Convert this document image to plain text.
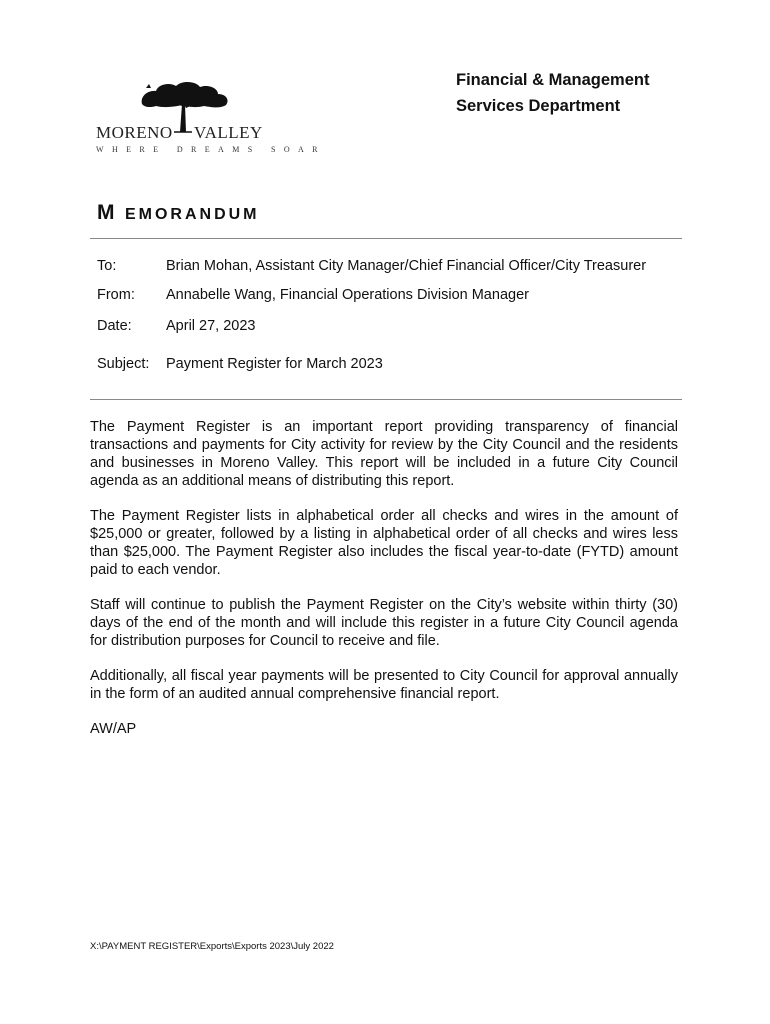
MORENO VALLEY
WHERE DREAMS SOAR
Financial & Management
Services Department
M EMORANDUM
To:	Brian Mohan, Assistant City Manager/Chief Financial Officer/City Treasurer
From: Annabelle Wang, Financial Operations Division Manager
Date: April 27, 2023
Subject: Payment Register for March 2023

The Payment Register is an important report providing transparency of financial transactions and payments for City activity for review by the City Council and the residents and businesses in Moreno Valley. This report will be included in a future City Council agenda as an additional means of distributing this report.

The Payment Register lists in alphabetical order all checks and wires in the amount of $25,000 or greater, followed by a listing in alphabetical order of all checks and wires less than $25,000. The Payment Register also includes the fiscal year-to-date (FYTD) amount paid to each vendor.

Staff will continue to publish the Payment Register on the City’s website within thirty (30) days of the end of the month and will include this register in a future City Council agenda for distribution purposes for Council to receive and file.

Additionally, all fiscal year payments will be presented to City Council for approval annually in the form of an audited annual comprehensive financial report.

AW/AP

X:\PAYMENT REGISTER\Exports\Exports 2023\July 2022
